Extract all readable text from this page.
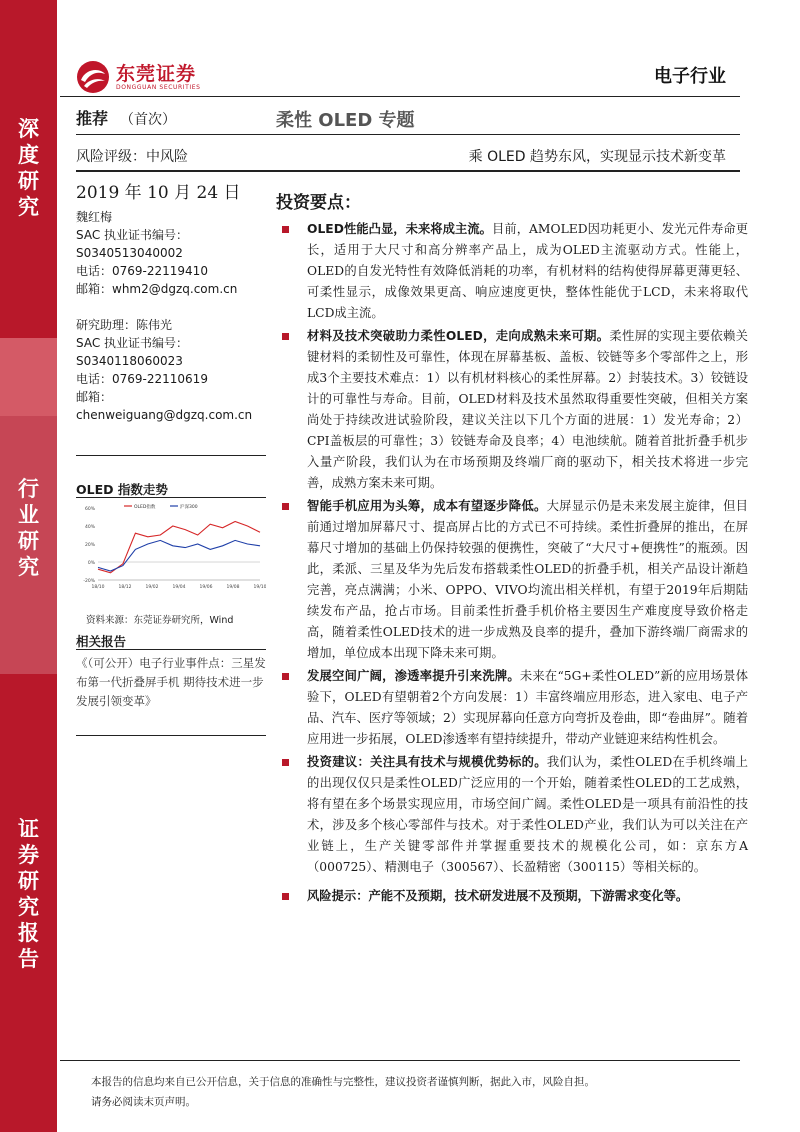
深度研究
行业研究
证券研究报告
东莞证券
DONGGUAN SECURITIES	电子行业
推荐 （首次）	柔性 OLED 专题
风险评级：中风险	乘 OLED 趋势东风，实现显示技术新变革
2019 年 10 月 24 日
魏红梅
SAC 执业证书编号：
S0340513040002
电话：0769-22119410
邮箱：whm2@dgzq.com.cn
研究助理：陈伟光
SAC 执业证书编号：
S0340118060023
电话：0769-22110619
邮箱：
chenweiguang@dgzq.com.cn
OLED 指数走势
60%
40%
20%
0%
-20%
18/10	18/12	19/02	19/04	19/06	19/08	19/10
OLED指数	沪深300
资料来源：东莞证券研究所，Wind
相关报告
《（可公开）电子行业事件点：三星发布第一代折叠屏手机 期待技术进一步发展引领变革》
投资要点：
OLED性能凸显，未来将成主流。目前，AMOLED因功耗更小、发光元件寿命更长，适用于大尺寸和高分辨率产品上，成为OLED主流驱动方式。性能上，OLED的自发光特性有效降低消耗的功率，有机材料的结构使得屏幕更薄更轻、可柔性显示，成像效果更高、响应速度更快，整体性能优于LCD，未来将取代LCD成主流。
材料及技术突破助力柔性OLED，走向成熟未来可期。柔性屏的实现主要依赖关键材料的柔韧性及可靠性，体现在屏幕基板、盖板、铰链等多个零部件之上，形成3个主要技术难点：1）以有机材料核心的柔性屏幕。2）封装技术。3）铰链设计的可靠性与寿命。目前，OLED材料及技术虽然取得重要性突破，但相关方案尚处于持续改进试验阶段，建议关注以下几个方面的进展：1）发光寿命；2）CPI盖板层的可靠性；3）铰链寿命及良率；4）电池续航。随着首批折叠手机步入量产阶段，我们认为在市场预期及终端厂商的驱动下，相关技术将进一步完善，成熟方案未来可期。
智能手机应用为头筹，成本有望逐步降低。大屏显示仍是未来发展主旋律，但目前通过增加屏幕尺寸、提高屏占比的方式已不可持续。柔性折叠屏的推出，在屏幕尺寸增加的基础上仍保持较强的便携性，突破了“大尺寸+便携性”的瓶颈。因此，柔派、三星及华为先后发布搭载柔性OLED的折叠手机，相关产品设计渐趋完善，亮点满满；小米、OPPO、VIVO均流出相关样机，有望于2019年后期陆续发布产品，抢占市场。目前柔性折叠手机价格主要因生产难度度导致价格走高，随着柔性OLED技术的进一步成熟及良率的提升，叠加下游终端厂商需求的增加，单位成本出现下降未来可期。
发展空间广阔，渗透率提升引来洗牌。未来在“5G+柔性OLED”新的应用场景体验下，OLED有望朝着2个方向发展：1）丰富终端应用形态，进入家电、电子产品、汽车、医疗等领域；2）实现屏幕向任意方向弯折及卷曲，即“卷曲屏”。随着应用进一步拓展，OLED渗透率有望持续提升，带动产业链迎来结构性机会。
投资建议：关注具有技术与规模优势标的。我们认为，柔性OLED在手机终端上的出现仅仅只是柔性OLED广泛应用的一个开始，随着柔性OLED的工艺成熟，将有望在多个场景实现应用，市场空间广阔。柔性OLED是一项具有前沿性的技术，涉及多个核心零部件与技术。对于柔性OLED产业，我们认为可以关注在产业链上，生产关键零部件并掌握重要技术的规模化公司，如：京东方A（000725）、精测电子（300567）、长盈精密（300115）等相关标的。
风险提示：产能不及预期，技术研发进展不及预期，下游需求变化等。
本报告的信息均来自已公开信息，关于信息的准确性与完整性，建议投资者谨慎判断，据此入市，风险自担。
请务必阅读末页声明。
